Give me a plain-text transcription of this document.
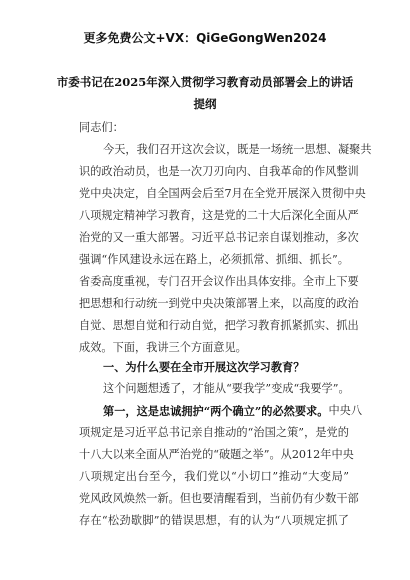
更多免费公文+VX：QiGeGongWen2024
市委书记在2025年深入贯彻学习教育动员部署会上的讲话
提纲
同志们：
今天，我们召开这次会议，既是一场统一思想、凝聚共
识的政治动员，也是一次刀刃向内、自我革命的作风整训
党中央决定，自全国两会后至7月在全党开展深入贯彻中央
八项规定精神学习教育，这是党的二十大后深化全面从严
治党的又一重大部署。习近平总书记亲自谋划推动，多次
强调“作风建设永远在路上，必须抓常、抓细、抓长”。
省委高度重视，专门召开会议作出具体安排。全市上下要
把思想和行动统一到党中央决策部署上来，以高度的政治
自觉、思想自觉和行动自觉，把学习教育抓紧抓实、抓出
成效。下面，我讲三个方面意见。
一、为什么要在全市开展这次学习教育？
这个问题想透了，才能从“要我学”变成“我要学”。
第一，这是忠诚拥护“两个确立”的必然要求。 中央八
项规定是习近平总书记亲自推动的“治国之策”，是党的
十八大以来全面从严治党的“破题之举”。从2012年中央
八项规定出台至今，我们党以“小切口”推动“大变局”
党风政风焕然一新。但也要清醒看到，当前仍有少数干部
存在“松劲歇脚”的错误思想，有的认为“八项规定抓了
